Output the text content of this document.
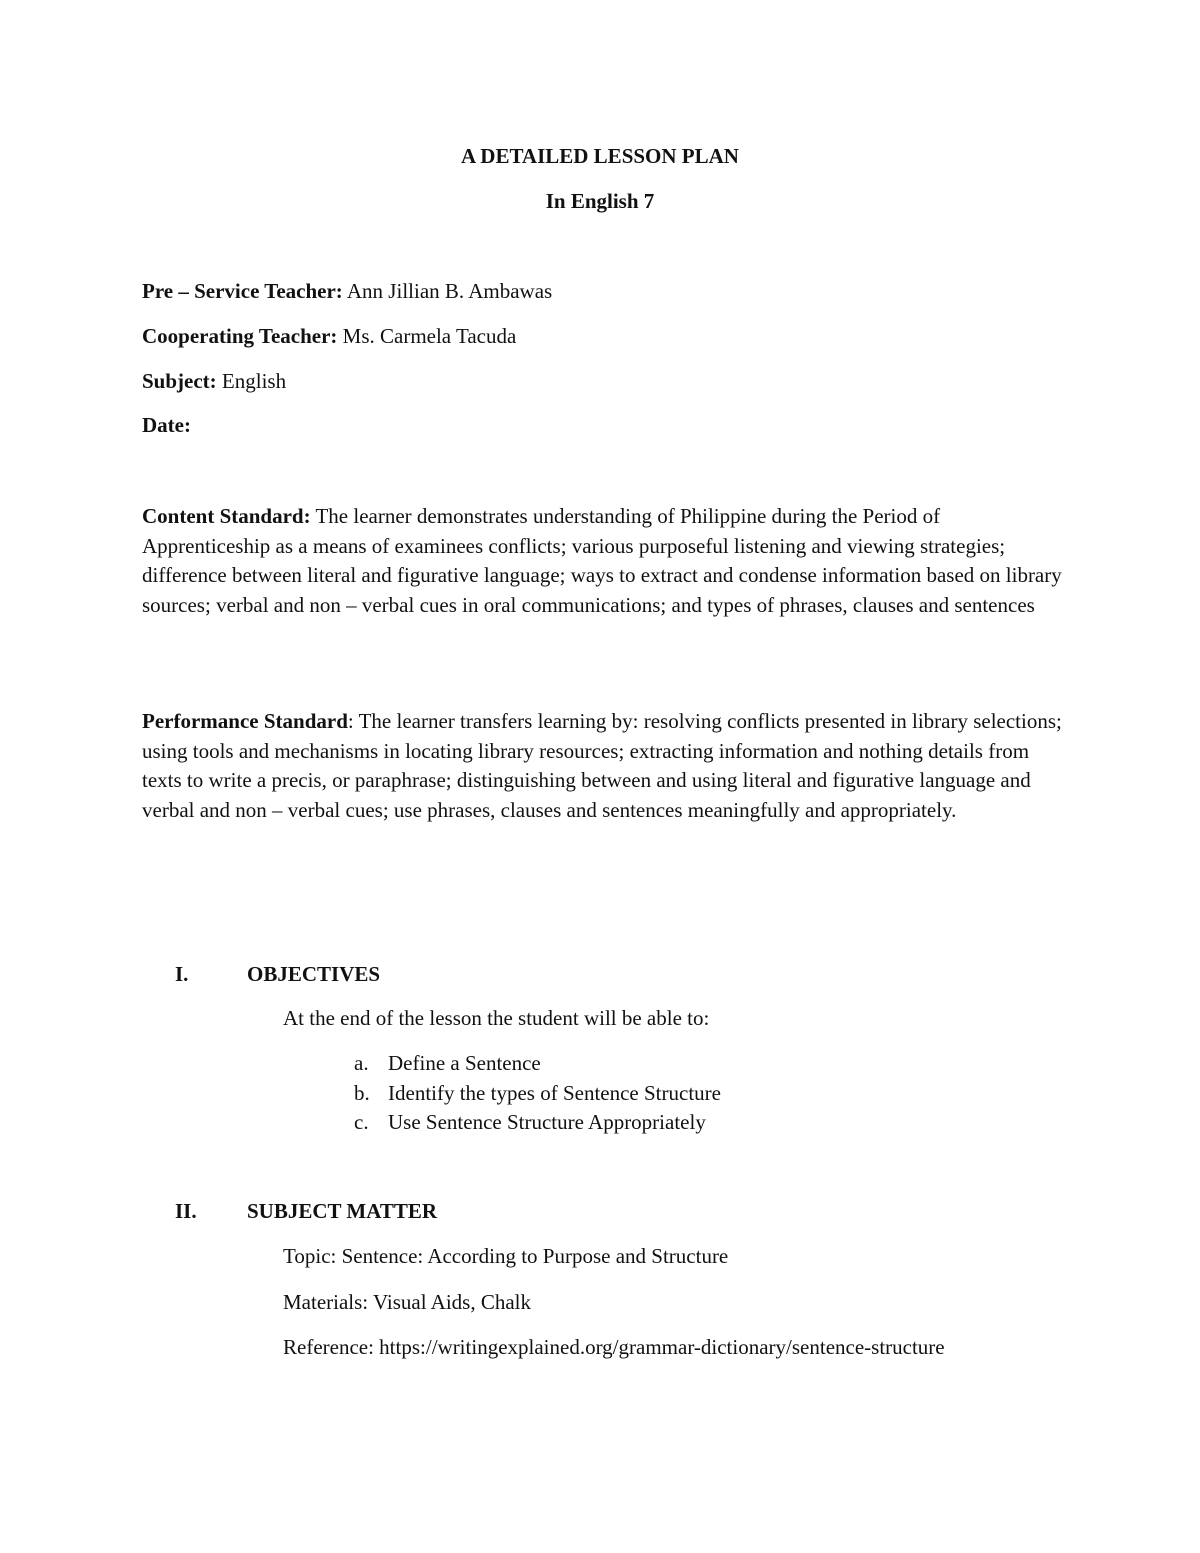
A DETAILED LESSON PLAN
In English 7
Pre – Service Teacher: Ann Jillian B. Ambawas
Cooperating Teacher: Ms. Carmela Tacuda
Subject: English
Date:
Content Standard: The learner demonstrates understanding of Philippine during the Period of Apprenticeship as a means of examinees conflicts; various purposeful listening and viewing strategies; difference between literal and figurative language; ways to extract and condense information based on library sources; verbal and non – verbal cues in oral communications; and types of phrases, clauses and sentences
Performance Standard: The learner transfers learning by: resolving conflicts presented in library selections; using tools and mechanisms in locating library resources; extracting information and nothing details from texts to write a precis, or paraphrase; distinguishing between and using literal and figurative language and verbal and non – verbal cues; use phrases, clauses and sentences meaningfully and appropriately.
I.	OBJECTIVES
At the end of the lesson the student will be able to:
a. Define a Sentence
b. Identify the types of Sentence Structure
c. Use Sentence Structure Appropriately
II. SUBJECT MATTER
Topic: Sentence: According to Purpose and Structure
Materials: Visual Aids, Chalk
Reference: https://writingexplained.org/grammar-dictionary/sentence-structure
